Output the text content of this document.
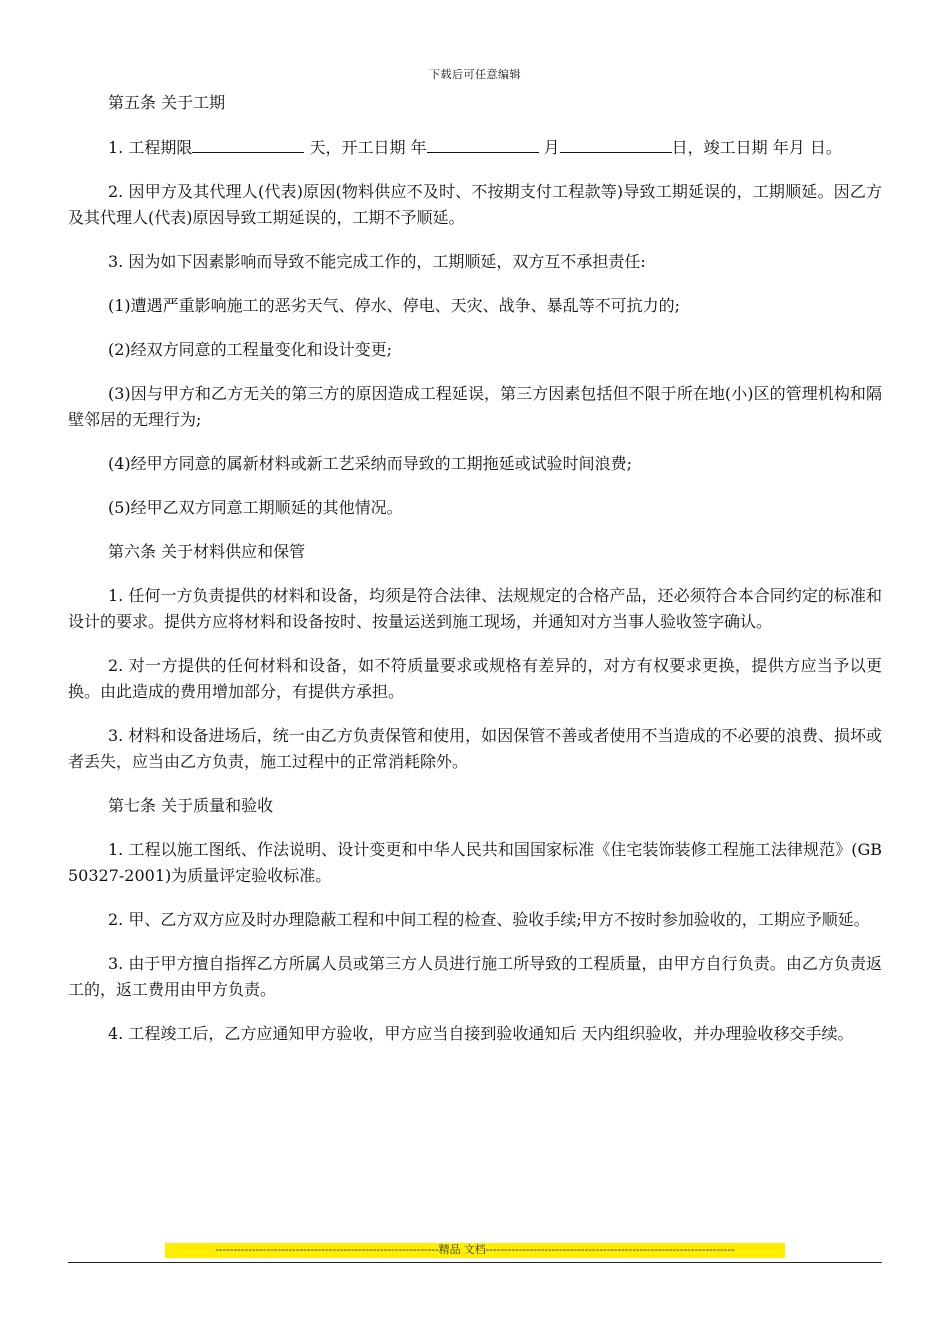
下载后可任意编辑

第五条 关于工期

1. 工程期限	天，开工日期 年	月	日，竣工日期 年月 日。

2. 因甲方及其代理人(代表)原因(物料供应不及时、不按期支付工程款等)导致工期延误的，工期顺延。因乙方及其代理人(代表)原因导致工期延误的，工期不予顺延。

3. 因为如下因素影响而导致不能完成工作的，工期顺延，双方互不承担责任:

(1)遭遇严重影响施工的恶劣天气、停水、停电、天灾、战争、暴乱等不可抗力的;

(2)经双方同意的工程量变化和设计变更;

(3)因与甲方和乙方无关的第三方的原因造成工程延误，第三方因素包括但不限于所在地(小)区的管理机构和隔壁邻居的无理行为;

(4)经甲方同意的属新材料或新工艺采纳而导致的工期拖延或试验时间浪费;

(5)经甲乙双方同意工期顺延的其他情况。

第六条 关于材料供应和保管

1. 任何一方负责提供的材料和设备，均须是符合法律、法规规定的合格产品，还必须符合本合同约定的标准和设计的要求。提供方应将材料和设备按时、按量运送到施工现场，并通知对方当事人验收签字确认。

2. 对一方提供的任何材料和设备，如不符质量要求或规格有差异的，对方有权要求更换，提供方应当予以更换。由此造成的费用增加部分，有提供方承担。

3. 材料和设备进场后，统一由乙方负责保管和使用，如因保管不善或者使用不当造成的不必要的浪费、损坏或者丢失，应当由乙方负责，施工过程中的正常消耗除外。

第七条 关于质量和验收

1. 工程以施工图纸、作法说明、设计变更和中华人民共和国国家标准《住宅装饰装修工程施工法律规范》(GB 50327-2001)为质量评定验收标准。

2. 甲、乙方双方应及时办理隐蔽工程和中间工程的检查、验收手续;甲方不按时参加验收的，工期应予顺延。

3. 由于甲方擅自指挥乙方所属人员或第三方人员进行施工所导致的工程质量，由甲方自行负责。由乙方负责返工的，返工费用由甲方负责。

4. 工程竣工后，乙方应通知甲方验收，甲方应当自接到验收通知后 天内组织验收，并办理验收移交手续。

-------------------------------------------------------------精品 文档--------------------------------------------------------------------
